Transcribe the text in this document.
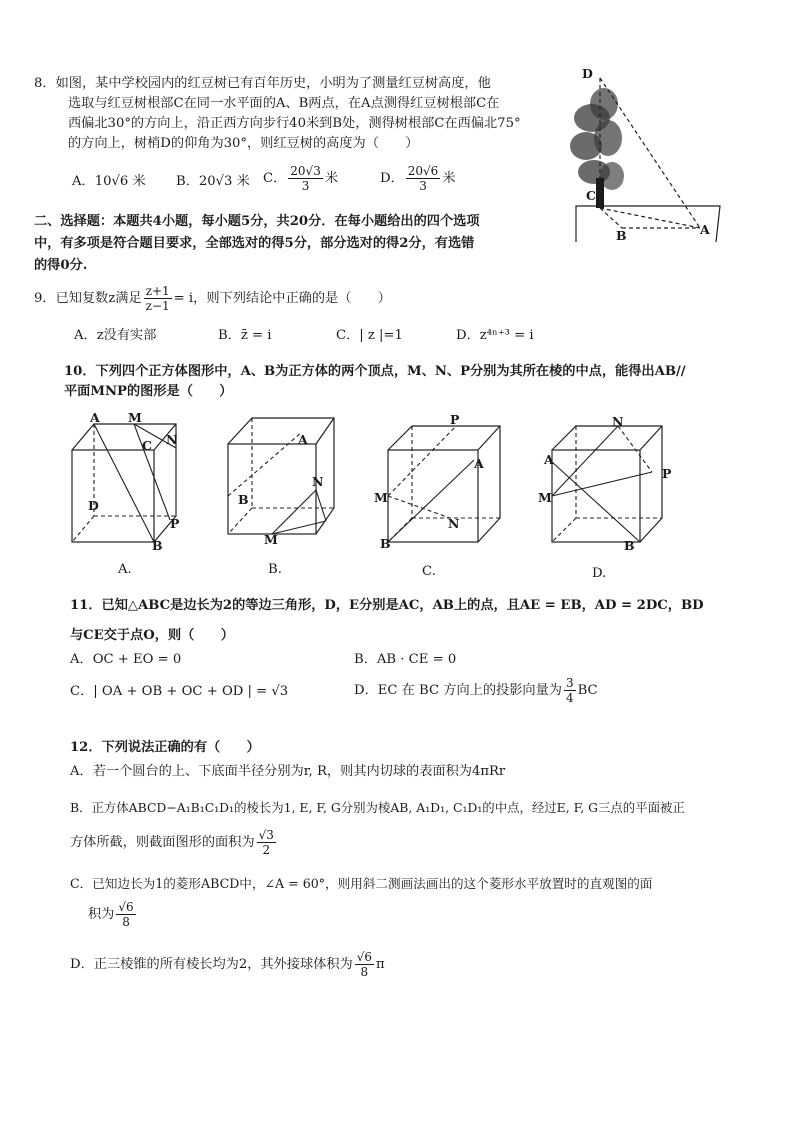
8．如图，某中学校园内的红豆树已有百年历史，小明为了测量红豆树高度，他
选取与红豆树根部C在同一水平面的A、B两点，在A点测得红豆树根部C在
西偏北30°的方向上，沿正西方向步行40米到B处，测得树根部C在西偏北75°
的方向上，树梢D的仰角为30°，则红豆树的高度为（　　）
A．10√6 米 B．20√3 米 C． $\frac{20√3}{3}$ 米	D． $\frac{20√6}{3}$ 米
D
C
B	A
二、选择题：本题共4小题，每小题5分，共20分．在每小题给出的四个选项
中，有多项是符合题目要求，全部选对的得5分，部分选对的得2分，有选错
的得0分.
9．已知复数z满足 $\frac{z+1}{z-1} = i$，则下列结论中正确的是（　　）
A．z没有实部	B．z̄ = i	C．| z |=1	D．z⁴ⁿ⁺³ = i
10．下列四个正方体图形中，A、B为正方体的两个顶点，M、N、P分别为其所在棱的中点，能得出AB//
平面MNP的图形是（　　）
A M
C N
D
P
B
A.
A
B
N
M
B.
P
A
M
N
B
C.
N
A
P
M
B
D.
11．已知△ABC是边长为2的等边三角形，D，E分别是AC，AB上的点，且AE = EB，AD = 2DC，BD
与CE交于点O，则（　　）
A．OC + EO = 0	B．AB · CE = 0
C．| OA + OB + OC + OD | = √3	D．EC 在 BC 方向上的投影向量为 $\frac{3}{4}$ BC
12．下列说法正确的有（　　）
A．若一个圆台的上、下底面半径分别为r, R，则其内切球的表面积为4πRr
B．正方体ABCD−A₁B₁C₁D₁的棱长为1, E, F, G分别为棱AB, A₁D₁, C₁D₁的中点，经过E, F, G三点的平面被正
方体所截，则截面图形的面积为 $\frac{√3}{2}$
C．已知边长为1的菱形ABCD中，∠A = 60°，则用斜二测画法画出的这个菱形水平放置时的直观图的面
积为 $\frac{√6}{8}$
D．正三棱锥的所有棱长均为2，其外接球体积为 $\frac{√6}{8}$ π
